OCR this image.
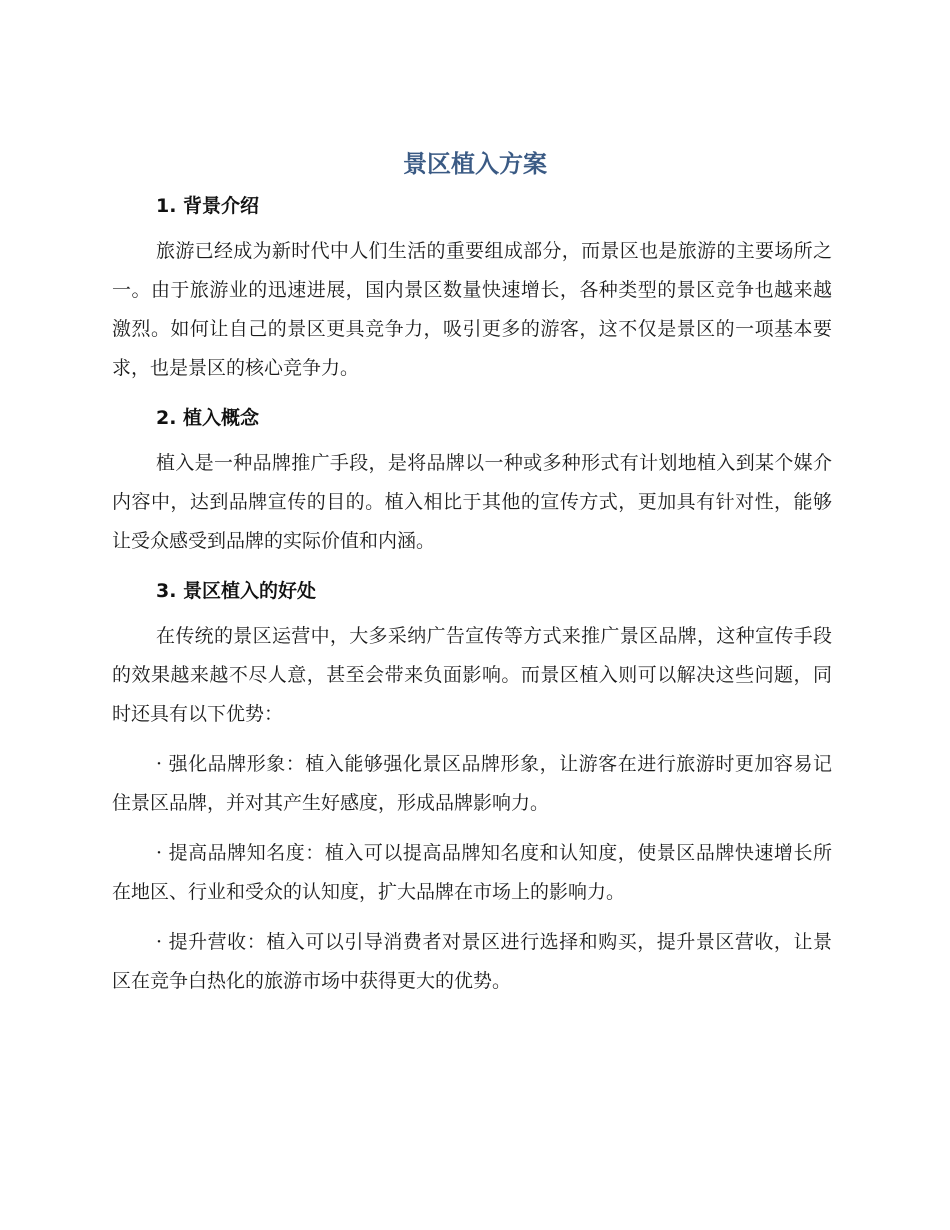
景区植入方案
1. 背景介绍

旅游已经成为新时代中人们生活的重要组成部分，而景区也是旅游的主要场所之一。由于旅游业的迅速进展，国内景区数量快速增长，各种类型的景区竞争也越来越激烈。如何让自己的景区更具竞争力，吸引更多的游客，这不仅是景区的一项基本要求，也是景区的核心竞争力。

2. 植入概念

植入是一种品牌推广手段，是将品牌以一种或多种形式有计划地植入到某个媒介内容中，达到品牌宣传的目的。植入相比于其他的宣传方式，更加具有针对性，能够让受众感受到品牌的实际价值和内涵。

3. 景区植入的好处

在传统的景区运营中，大多采纳广告宣传等方式来推广景区品牌，这种宣传手段的效果越来越不尽人意，甚至会带来负面影响。而景区植入则可以解决这些问题，同时还具有以下优势：

· 强化品牌形象：植入能够强化景区品牌形象，让游客在进行旅游时更加容易记住景区品牌，并对其产生好感度，形成品牌影响力。

· 提高品牌知名度：植入可以提高品牌知名度和认知度，使景区品牌快速增长所在地区、行业和受众的认知度，扩大品牌在市场上的影响力。

· 提升营收：植入可以引导消费者对景区进行选择和购买，提升景区营收，让景区在竞争白热化的旅游市场中获得更大的优势。
